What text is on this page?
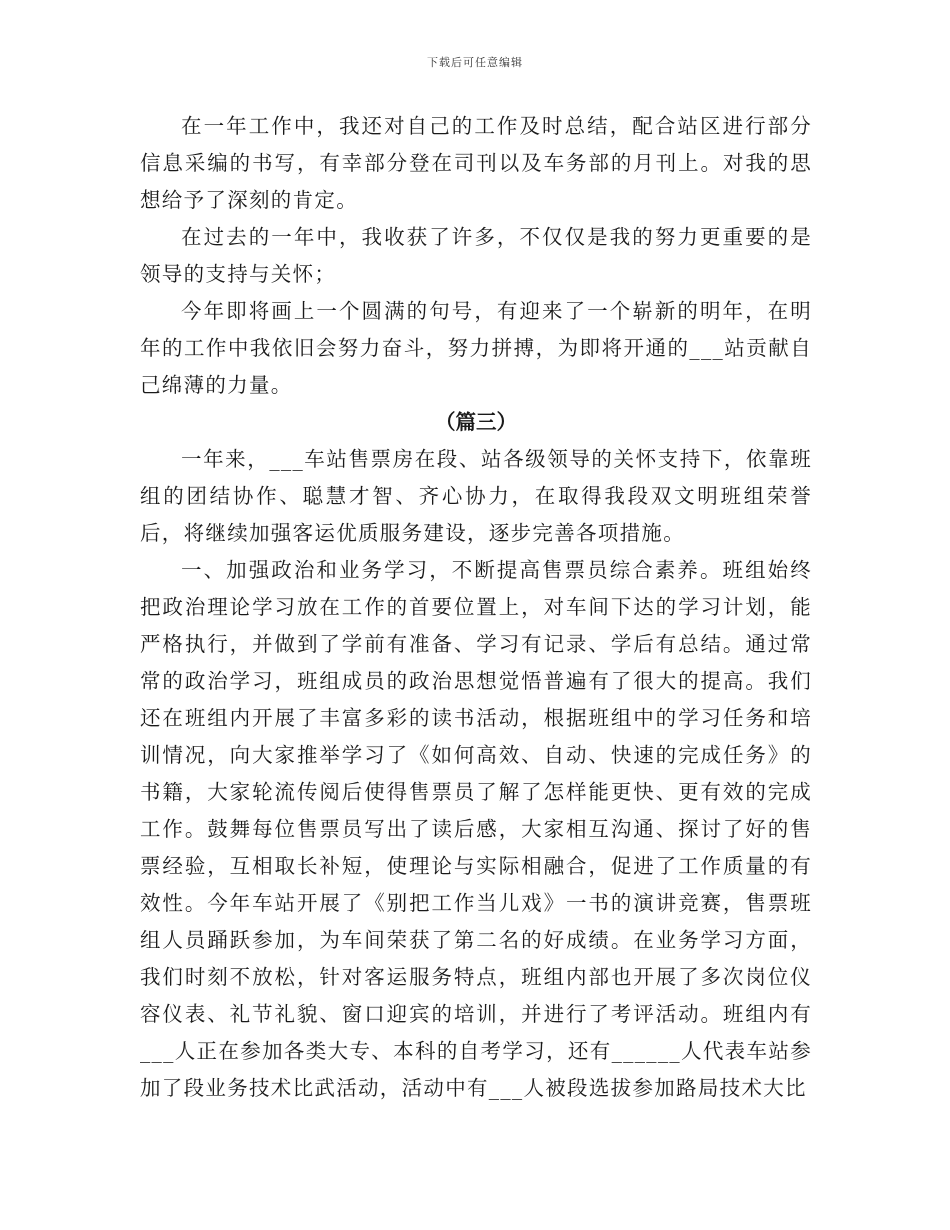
下载后可任意编辑

在一年工作中，我还对自己的工作及时总结，配合站区进行部分信息采编的书写，有幸部分登在司刊以及车务部的月刊上。对我的思想给予了深刻的肯定。

在过去的一年中，我收获了许多，不仅仅是我的努力更重要的是领导的支持与关怀；

今年即将画上一个圆满的句号，有迎来了一个崭新的明年，在明年的工作中我依旧会努力奋斗，努力拼搏，为即将开通的___站贡献自己绵薄的力量。

（篇三）

一年来，___车站售票房在段、站各级领导的关怀支持下，依靠班组的团结协作、聪慧才智、齐心协力，在取得我段双文明班组荣誉后，将继续加强客运优质服务建设，逐步完善各项措施。

一、加强政治和业务学习，不断提高售票员综合素养。班组始终把政治理论学习放在工作的首要位置上，对车间下达的学习计划，能严格执行，并做到了学前有准备、学习有记录、学后有总结。通过常常的政治学习，班组成员的政治思想觉悟普遍有了很大的提高。我们还在班组内开展了丰富多彩的读书活动，根据班组中的学习任务和培训情况，向大家推举学习了《如何高效、自动、快速的完成任务》的书籍，大家轮流传阅后使得售票员了解了怎样能更快、更有效的完成工作。鼓舞每位售票员写出了读后感，大家相互沟通、探讨了好的售票经验，互相取长补短，使理论与实际相融合，促进了工作质量的有效性。今年车站开展了《别把工作当儿戏》一书的演讲竞赛，售票班组人员踊跃参加，为车间荣获了第二名的好成绩。在业务学习方面，我们时刻不放松，针对客运服务特点，班组内部也开展了多次岗位仪容仪表、礼节礼貌、窗口迎宾的培训，并进行了考评活动。班组内有___人正在参加各类大专、本科的自考学习，还有______人代表车站参加了段业务技术比武活动，活动中有___人被段选拔参加路局技术大比
